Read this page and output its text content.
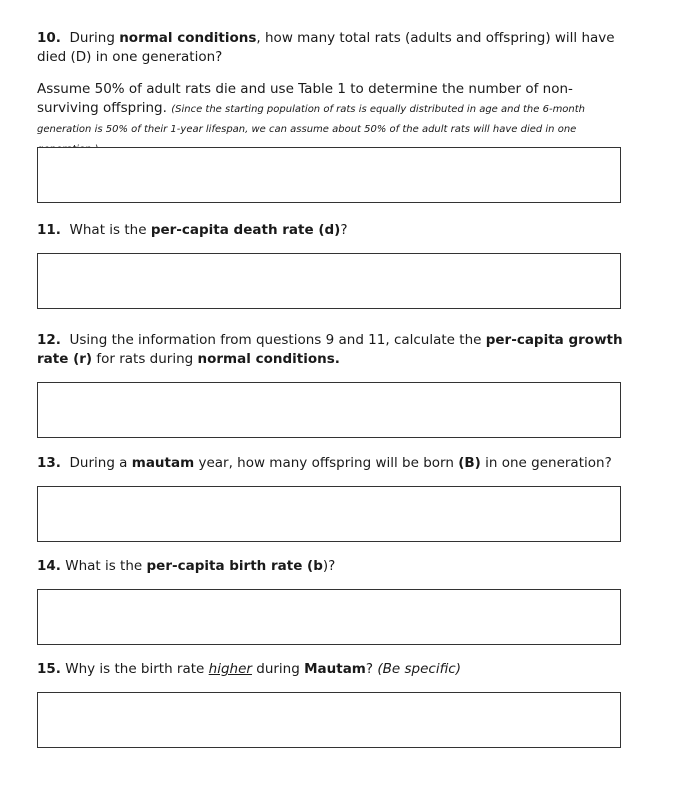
10. During normal conditions, how many total rats (adults and offspring) will have died (D) in one generation?
Assume 50% of adult rats die and use Table 1 to determine the number of non-surviving offspring. (Since the starting population of rats is equally distributed in age and the 6-month generation is 50% of their 1-year lifespan, we can assume about 50% of the adult rats will have died in one
11. What is the per-capita death rate (d)?
12. Using the information from questions 9 and 11, calculate the per-capita growth rate (r) for rats during normal conditions.
13. During a mautam year, how many offspring will be born (B) in one generation?
14. What is the per-capita birth rate (b)?
15. Why is the birth rate higher during Mautam? (Be specific)
